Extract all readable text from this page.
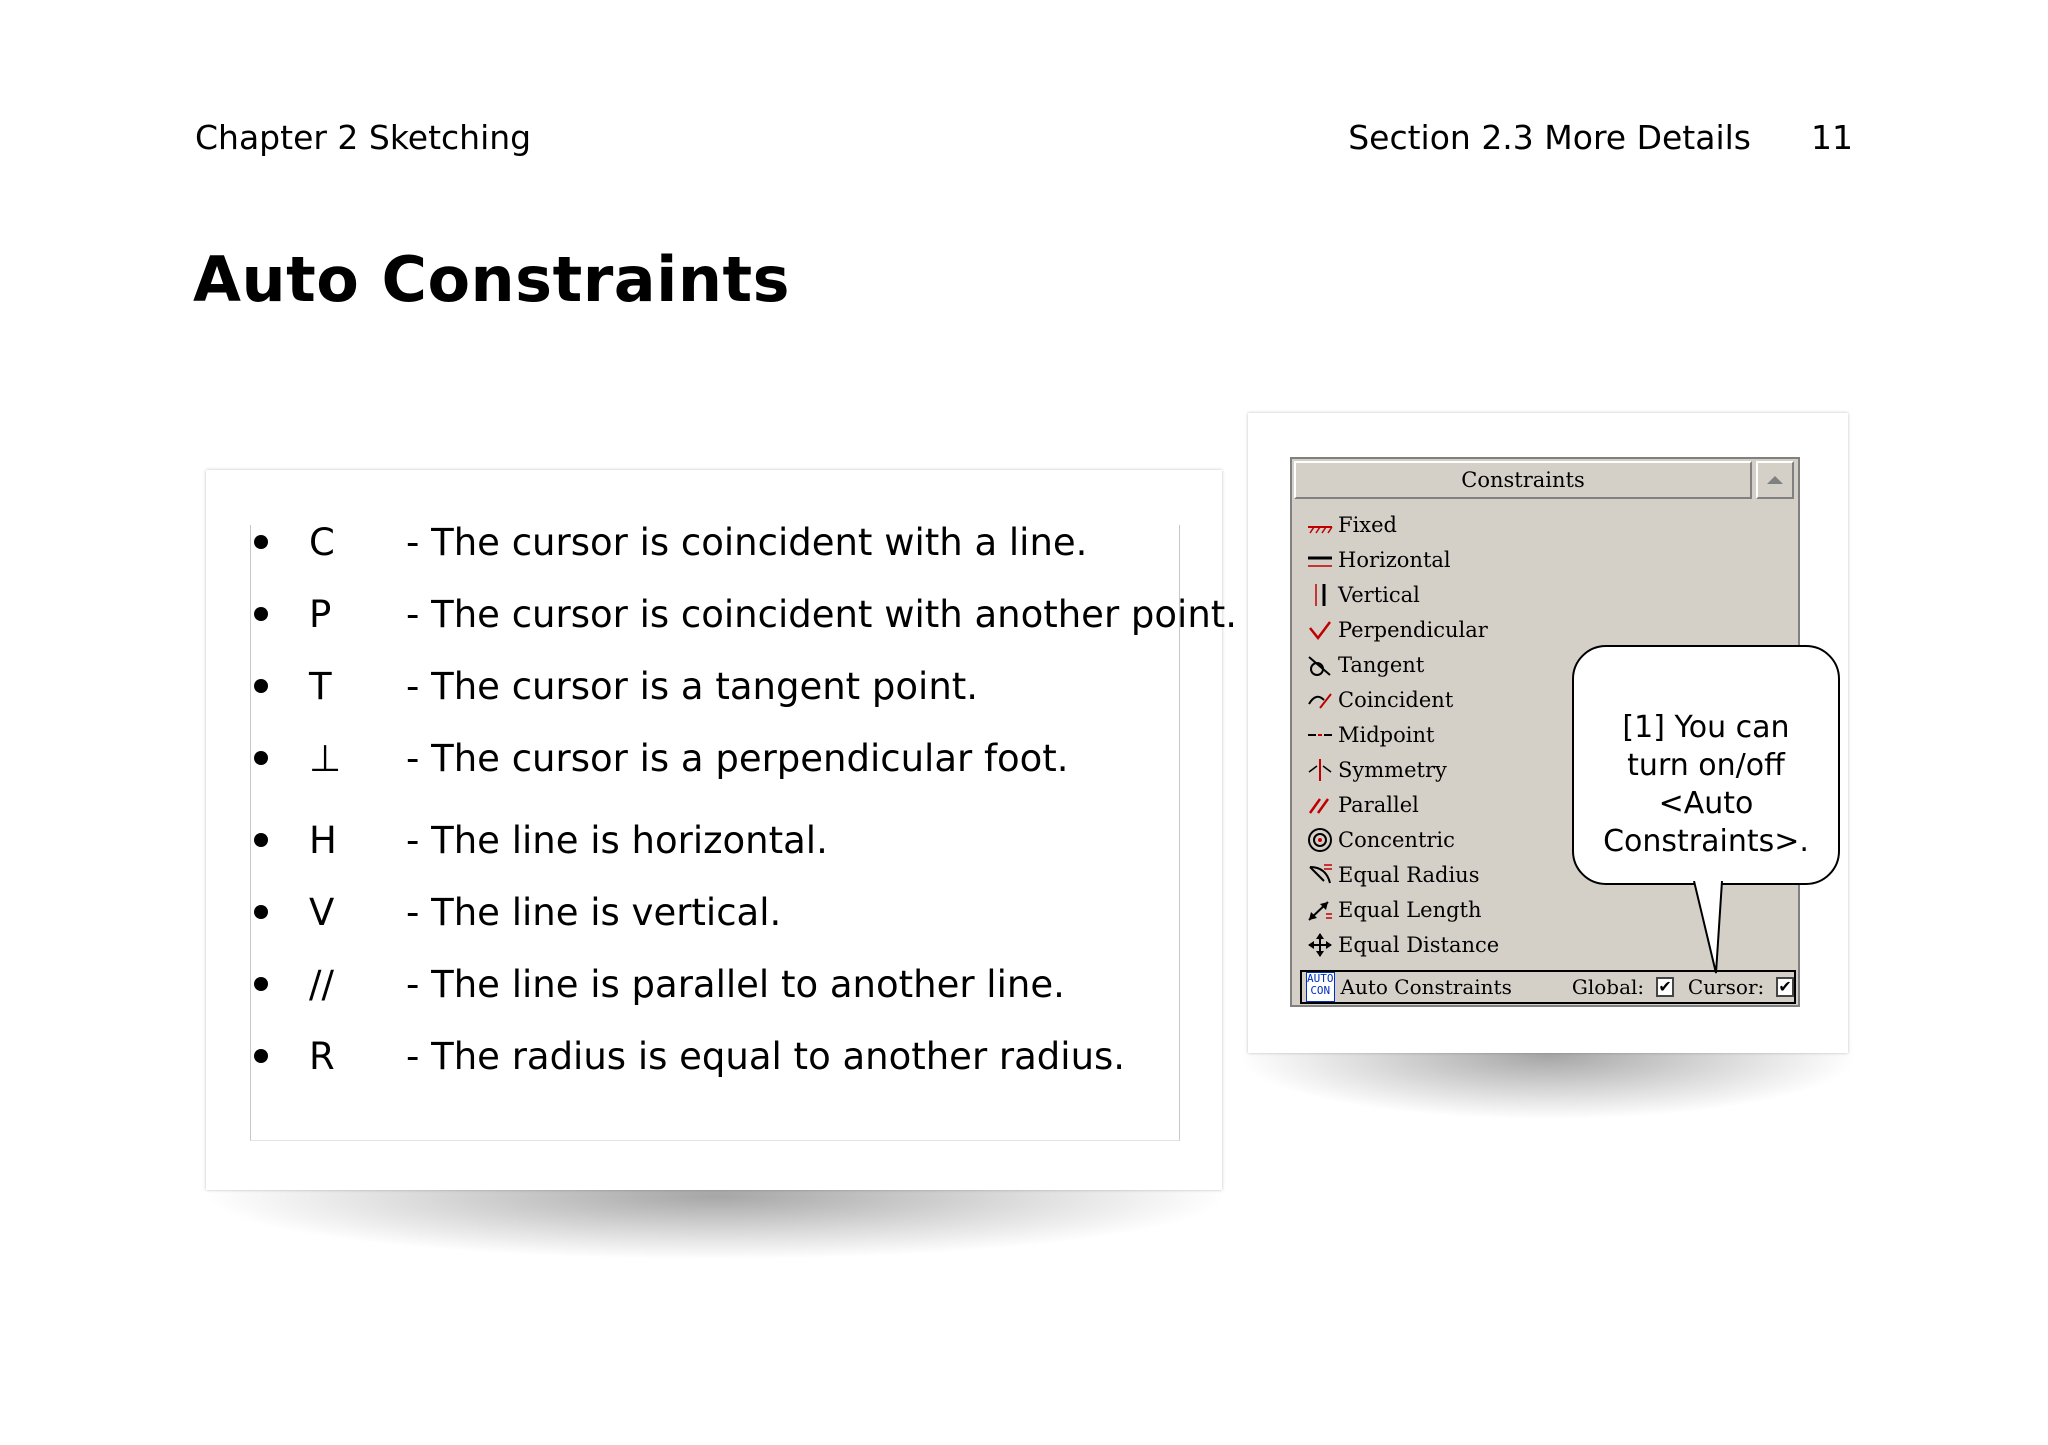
Chapter 2 Sketching	Section 2.3 More Details 11
Auto Constraints
C - The cursor is coincident with a line.
P - The cursor is coincident with another point.
T - The cursor is a tangent point.
⊥ - The cursor is a perpendicular foot.
H - The line is horizontal.
V - The line is vertical.
// - The line is parallel to another line.
R - The radius is equal to another radius.
Constraints
Fixed
Horizontal
Vertical
Perpendicular
Tangent
Coincident
Midpoint
Symmetry
Parallel
Concentric
Equal Radius
Equal Length
Equal Distance
AUTO
CON Auto Constraints	Global: ✔ Cursor: ✔
[1] You can turn on/off <Auto Constraints>.
